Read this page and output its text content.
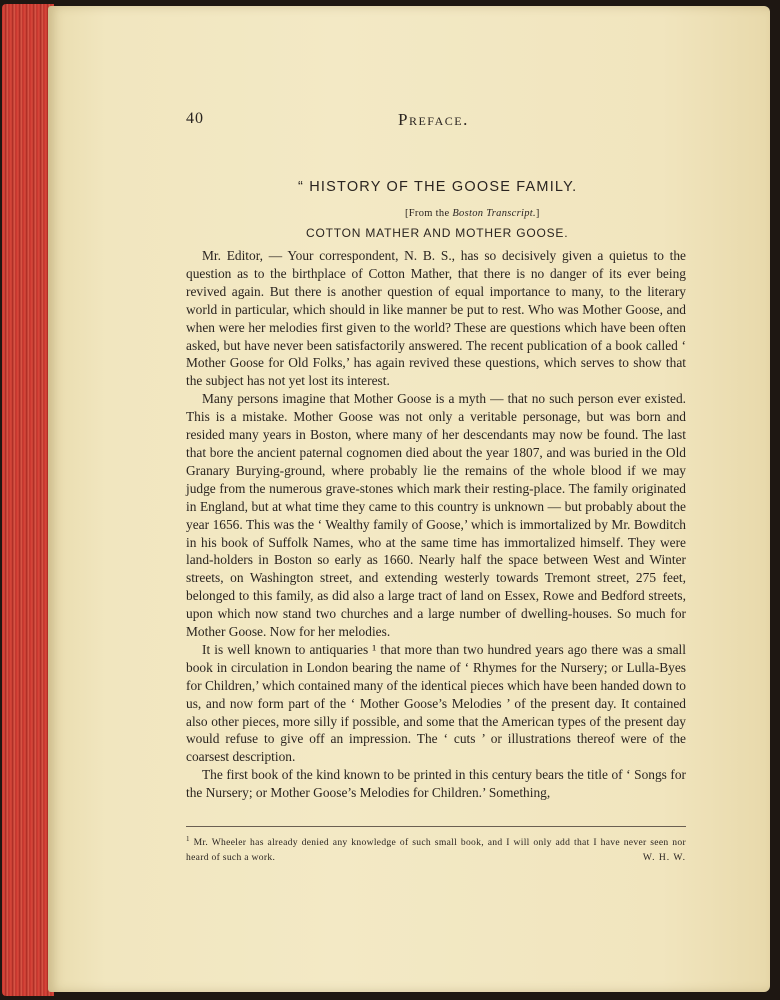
40	Preface.
“ HISTORY OF THE GOOSE FAMILY.
[From the Boston Transcript.]
COTTON MATHER AND MOTHER GOOSE.

Mr. Editor, — Your correspondent, N. B. S., has so decisively given a quietus to the question as to the birthplace of Cotton Mather, that there is no danger of its ever being revived again. But there is another question of equal importance to many, to the literary world in particular, which should in like manner be put to rest. Who was Mother Goose, and when were her melodies first given to the world? These are questions which have been often asked, but have never been satisfactorily answered. The recent publication of a book called ‘ Mother Goose for Old Folks,’ has again revived these questions, which serves to show that the subject has not yet lost its interest.

Many persons imagine that Mother Goose is a myth — that no such person ever existed. This is a mistake. Mother Goose was not only a veritable personage, but was born and resided many years in Boston, where many of her descendants may now be found. The last that bore the ancient paternal cognomen died about the year 1807, and was buried in the Old Granary Burying-ground, where probably lie the remains of the whole blood if we may judge from the numerous grave-stones which mark their resting-place. The family originated in England, but at what time they came to this country is unknown — but probably about the year 1656. This was the ‘ Wealthy family of Goose,’ which is immortalized by Mr. Bowditch in his book of Suffolk Names, who at the same time has immortalized himself. They were land-holders in Boston so early as 1660. Nearly half the space between West and Winter streets, on Washington street, and extending westerly towards Tremont street, 275 feet, belonged to this family, as did also a large tract of land on Essex, Rowe and Bedford streets, upon which now stand two churches and a large number of dwelling-houses. So much for Mother Goose. Now for her melodies.

It is well known to antiquaries ¹ that more than two hundred years ago there was a small book in circulation in London bearing the name of ‘ Rhymes for the Nursery; or Lulla-Byes for Children,’ which contained many of the identical pieces which have been handed down to us, and now form part of the ‘ Mother Goose’s Melodies ’ of the present day. It contained also other pieces, more silly if possible, and some that the American types of the present day would refuse to give off an impression. The ‘ cuts ’ or illustrations thereof were of the coarsest description.

The first book of the kind known to be printed in this century bears the title of ‘ Songs for the Nursery; or Mother Goose’s Melodies for Children.’ Something,

$^1$ Mr. Wheeler has already denied any knowledge of such small book, and I will only add that I have never seen nor heard of such a work.	W. H. W.
